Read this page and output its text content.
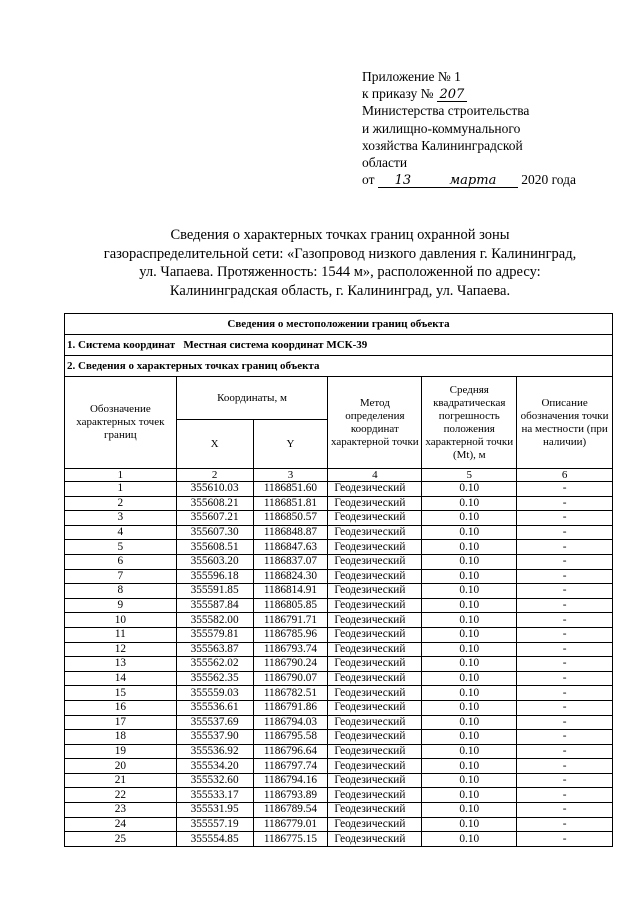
Приложение № 1
к приказу № 207
Министерства строительства
и жилищно-коммунального
хозяйства Калининградской
области
от 13	марта 2020 года
Сведения о характерных точках границ охранной зоны
газораспределительной сети: «Газопровод низкого давления г. Калининград,
ул. Чапаева. Протяженность: 1544 м», расположенной по адресу:
Калининградская область, г. Калининград, ул. Чапаева.
Сведения о местоположении границ объекта					
1. Система координат Местная система координат МСК-39					
2. Сведения о характерных точках границ объекта					
Обозначение характерных точек границ	Координаты, м		Метод определения координат характерной точки	Средняя квадратическая погрешность положения характерной точки (Mt), м	Описание обозначения точки на местности (при наличии)
	X	Y			
1	2	3	4	5	6
1	355610.03	1186851.60	Геодезический	0.10	-
2	355608.21	1186851.81	Геодезический	0.10	-
3	355607.21	1186850.57	Геодезический	0.10	-
4	355607.30	1186848.87	Геодезический	0.10	-
5	355608.51	1186847.63	Геодезический	0.10	-
6	355603.20	1186837.07	Геодезический	0.10	-
7	355596.18	1186824.30	Геодезический	0.10	-
8	355591.85	1186814.91	Геодезический	0.10	-
9	355587.84	1186805.85	Геодезический	0.10	-
10	355582.00	1186791.71	Геодезический	0.10	-
11	355579.81	1186785.96	Геодезический	0.10	-
12	355563.87	1186793.74	Геодезический	0.10	-
13	355562.02	1186790.24	Геодезический	0.10	-
14	355562.35	1186790.07	Геодезический	0.10	-
15	355559.03	1186782.51	Геодезический	0.10	-
16	355536.61	1186791.86	Геодезический	0.10	-
17	355537.69	1186794.03	Геодезический	0.10	-
18	355537.90	1186795.58	Геодезический	0.10	-
19	355536.92	1186796.64	Геодезический	0.10	-
20	355534.20	1186797.74	Геодезический	0.10	-
21	355532.60	1186794.16	Геодезический	0.10	-
22	355533.17	1186793.89	Геодезический	0.10	-
23	355531.95	1186789.54	Геодезический	0.10	-
24	355557.19	1186779.01	Геодезический	0.10	-
25	355554.85	1186775.15	Геодезический	0.10	-
